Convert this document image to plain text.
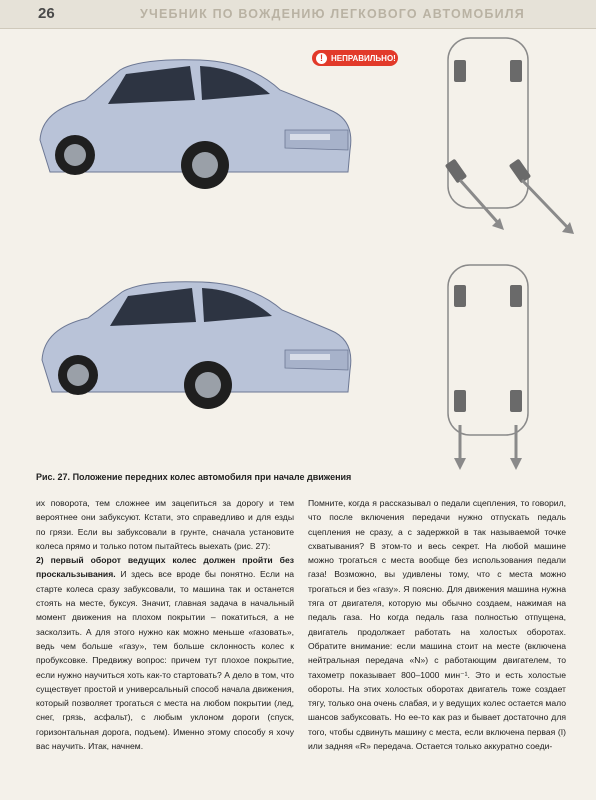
26	УЧЕБНИК ПО ВОЖДЕНИЮ ЛЕГКОВОГО АВТОМОБИЛЯ
!	НЕПРАВИЛЬНО!
Рис. 27. Положение передних колес автомобиля при начале движения

их поворота, тем сложнее им зацепиться за дорогу и тем вероятнее они забуксуют. Кстати, это справедливо и для езды по грязи. Если вы забуксовали в грунте, сначала установите колеса прямо и только потом пытайтесь выехать (рис. 27):

2) первый оборот ведущих колес должен пройти без проскальзывания. И здесь все вроде бы понятно. Если на старте колеса сразу забуксовали, то машина так и останется стоять на месте, буксуя. Значит, главная задача в начальный момент движения на плохом покрытии – покатиться, а не засколзить. А для этого нужно как можно меньше «газовать», ведь чем больше «газу», тем больше склонность колес к пробуксовке. Предвижу вопрос: причем тут плохое покрытие, если нужно научиться хоть как-то стартовать? А дело в том, что существует простой и универсальный способ начала движения, который позволяет трогаться с места на любом покрытии (лед, снег, грязь, асфальт), с любым уклоном дороги (спуск, горизонтальная дорога, подъем). Именно этому способу я хочу вас научить. Итак, начнем.

Помните, когда я рассказывал о педали сцепления, то говорил, что после включения передачи нужно отпускать педаль сцепления не сразу, а с задержкой в так называемой точке схватывания? В этом-то и весь секрет. На любой машине можно трогаться с места вообще без использования педали газа! Возможно, вы удивлены тому, что с места можно трогаться и без «газу». Я поясню. Для движения машина нужна тяга от двигателя, которую мы обычно создаем, нажимая на педаль газа. Но когда педаль газа полностью отпущена, двигатель продолжает работать на холостых оборотах. Обратите внимание: если машина стоит на месте (включена нейтральная передача «N») с работающим двигателем, то тахометр показывает 800–1000 мин⁻¹. Это и есть холостые обороты. На этих холостых оборотах двигатель тоже создает тягу, только она очень слабая, и у ведущих колес остается мало шансов забуксовать. Но ее-то как раз и бывает достаточно для того, чтобы сдвинуть машину с места, если включена первая (I) или задняя «R» передача. Остается только аккуратно соеди-
